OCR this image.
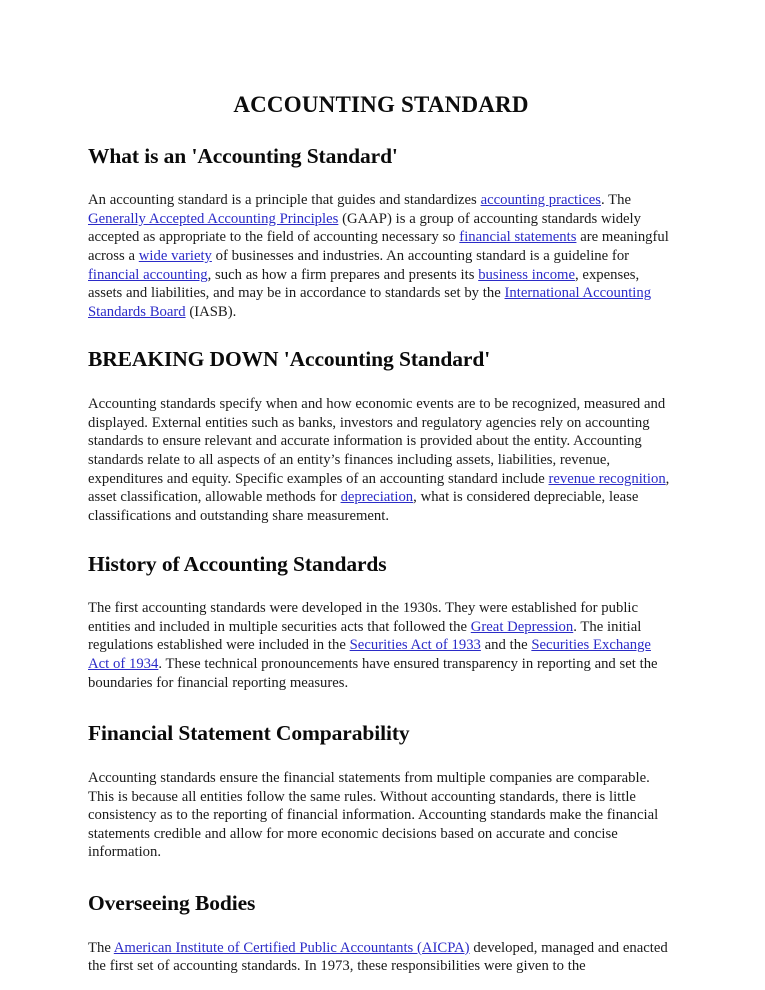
ACCOUNTING STANDARD
What is an 'Accounting Standard'

An accounting standard is a principle that guides and standardizes accounting practices. The Generally Accepted Accounting Principles (GAAP) is a group of accounting standards widely accepted as appropriate to the field of accounting necessary so financial statements are meaningful across a wide variety of businesses and industries. An accounting standard is a guideline for financial accounting, such as how a firm prepares and presents its business income, expenses, assets and liabilities, and may be in accordance to standards set by the International Accounting Standards Board (IASB).

BREAKING DOWN 'Accounting Standard'

Accounting standards specify when and how economic events are to be recognized, measured and displayed. External entities such as banks, investors and regulatory agencies rely on accounting standards to ensure relevant and accurate information is provided about the entity. Accounting standards relate to all aspects of an entity’s finances including assets, liabilities, revenue, expenditures and equity. Specific examples of an accounting standard include revenue recognition, asset classification, allowable methods for depreciation, what is considered depreciable, lease classifications and outstanding share measurement.

History of Accounting Standards

The first accounting standards were developed in the 1930s. They were established for public entities and included in multiple securities acts that followed the Great Depression. The initial regulations established were included in the Securities Act of 1933 and the Securities Exchange Act of 1934. These technical pronouncements have ensured transparency in reporting and set the boundaries for financial reporting measures.

Financial Statement Comparability

Accounting standards ensure the financial statements from multiple companies are comparable. This is because all entities follow the same rules. Without accounting standards, there is little consistency as to the reporting of financial information. Accounting standards make the financial statements credible and allow for more economic decisions based on accurate and concise information.

Overseeing Bodies

The American Institute of Certified Public Accountants (AICPA) developed, managed and enacted the first set of accounting standards. In 1973, these responsibilities were given to the
